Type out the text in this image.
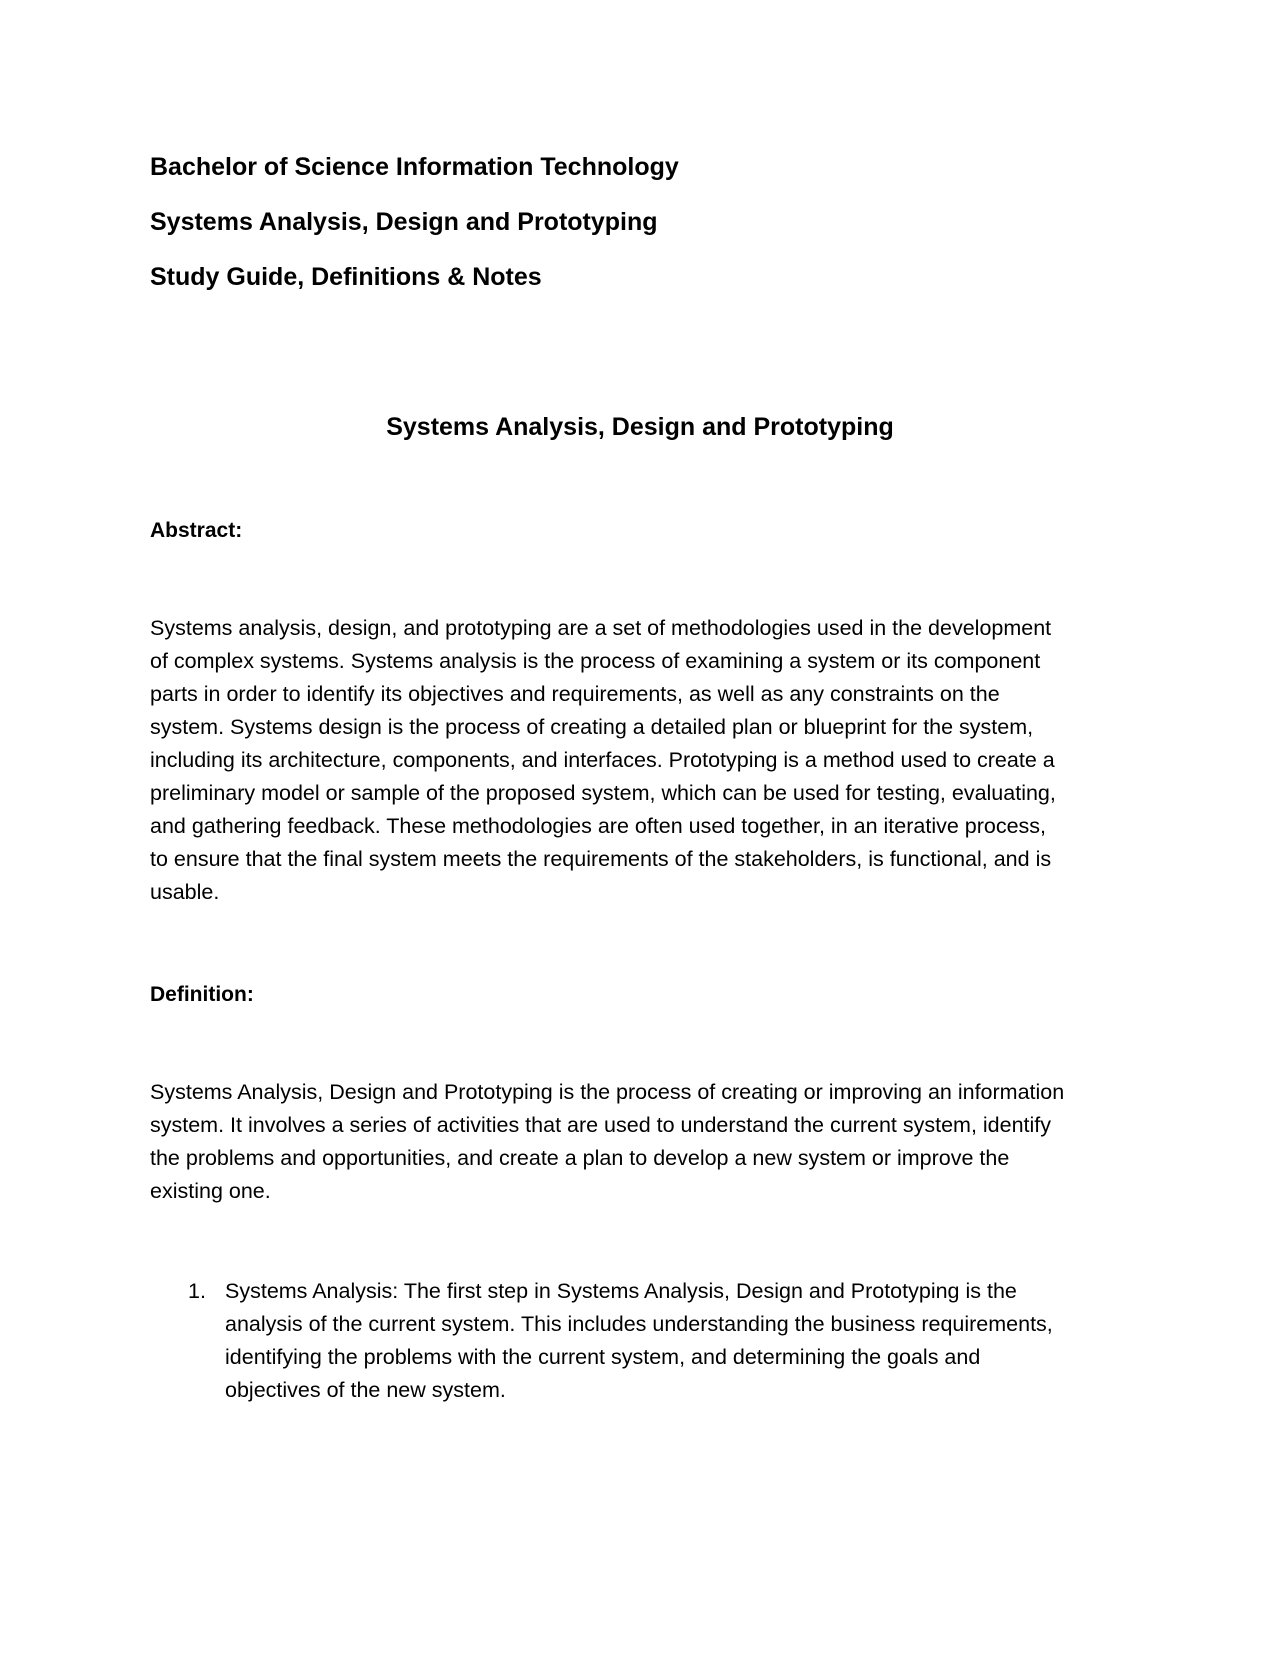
Bachelor of Science Information Technology
Systems Analysis, Design and Prototyping
Study Guide, Definitions & Notes
Systems Analysis, Design and Prototyping
Abstract:

Systems analysis, design, and prototyping are a set of methodologies used in the development
of complex systems. Systems analysis is the process of examining a system or its component
parts in order to identify its objectives and requirements, as well as any constraints on the
system. Systems design is the process of creating a detailed plan or blueprint for the system,
including its architecture, components, and interfaces. Prototyping is a method used to create a
preliminary model or sample of the proposed system, which can be used for testing, evaluating,
and gathering feedback. These methodologies are often used together, in an iterative process,
to ensure that the final system meets the requirements of the stakeholders, is functional, and is
usable.

Definition:

Systems Analysis, Design and Prototyping is the process of creating or improving an information
system. It involves a series of activities that are used to understand the current system, identify
the problems and opportunities, and create a plan to develop a new system or improve the
existing one.

1. Systems Analysis: The first step in Systems Analysis, Design and Prototyping is the
analysis of the current system. This includes understanding the business requirements,
identifying the problems with the current system, and determining the goals and
objectives of the new system.
